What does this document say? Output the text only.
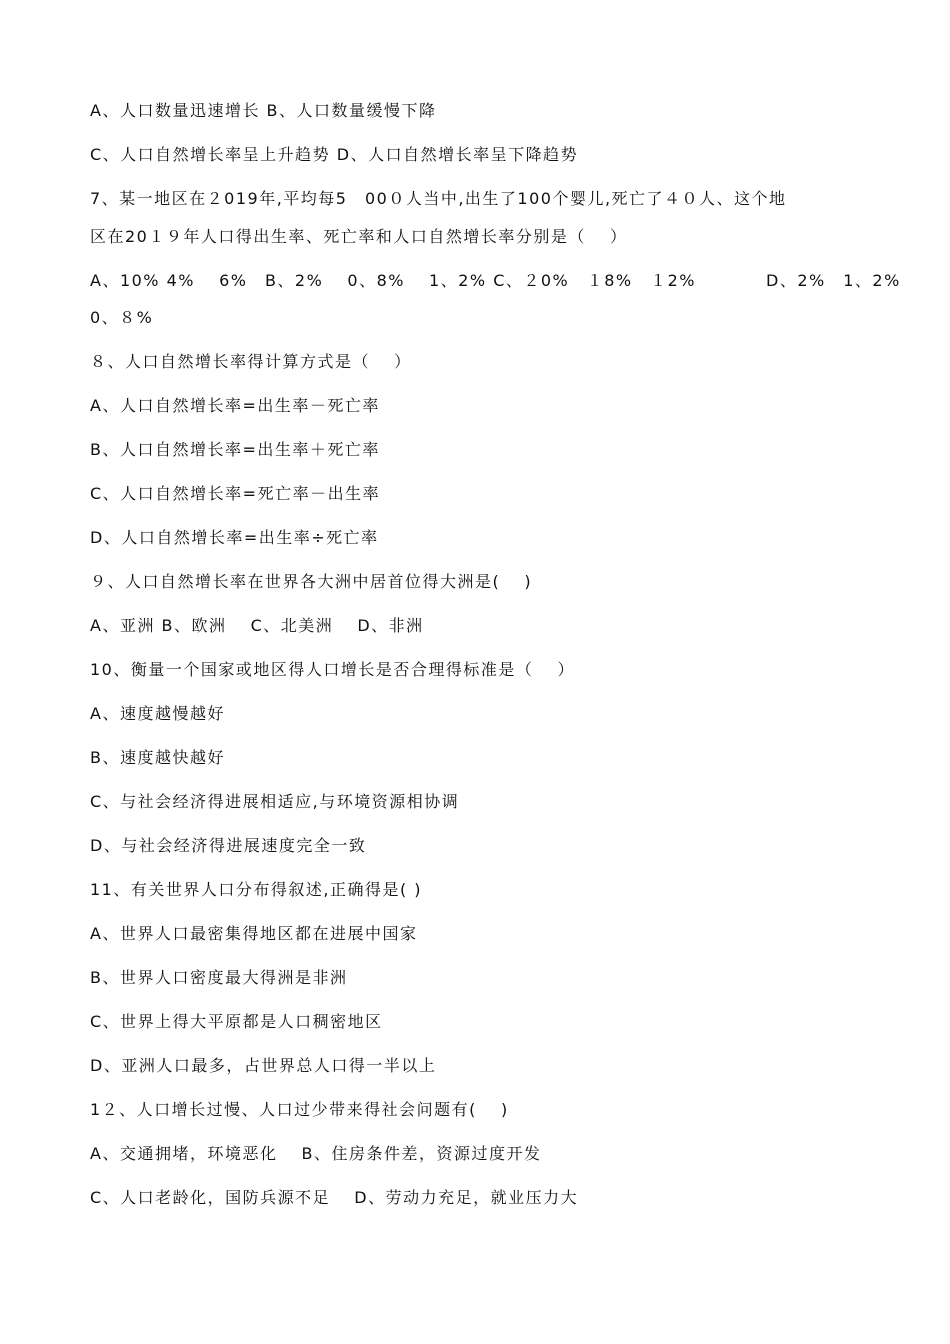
A、人口数量迅速增长 B、人口数量缓慢下降
C、人口自然增长率呈上升趋势 D、人口自然增长率呈下降趋势
7、某一地区在２019年,平均每5　00０人当中,出生了100个婴儿,死亡了４０人、这个地
区在20１９年人口得出生率、死亡率和人口自然增长率分别是（　 ）
A、10% 4%　 6%　B、2%　 0、8%　 1、2% C、２0%　１8%　１2%　　　　D、2%　1、2%
0、８%
８、人口自然增长率得计算方式是（　 ）
A、人口自然增长率=出生率－死亡率
B、人口自然增长率=出生率＋死亡率
C、人口自然增长率=死亡率－出生率
D、人口自然增长率=出生率÷死亡率
９、人口自然增长率在世界各大洲中居首位得大洲是(　 )
A、亚洲 B、欧洲　 C、北美洲　 D、非洲
10、衡量一个国家或地区得人口增长是否合理得标准是（　 ）
A、速度越慢越好
B、速度越快越好
C、与社会经济得进展相适应,与环境资源相协调
D、与社会经济得进展速度完全一致
11、有关世界人口分布得叙述,正确得是( )
A、世界人口最密集得地区都在进展中国家
B、世界人口密度最大得洲是非洲
C、世界上得大平原都是人口稠密地区
D、亚洲人口最多，占世界总人口得一半以上
1２、人口增长过慢、人口过少带来得社会问题有(　 )
A、交通拥堵，环境恶化　 B、住房条件差，资源过度开发
C、人口老龄化，国防兵源不足　 D、劳动力充足，就业压力大
